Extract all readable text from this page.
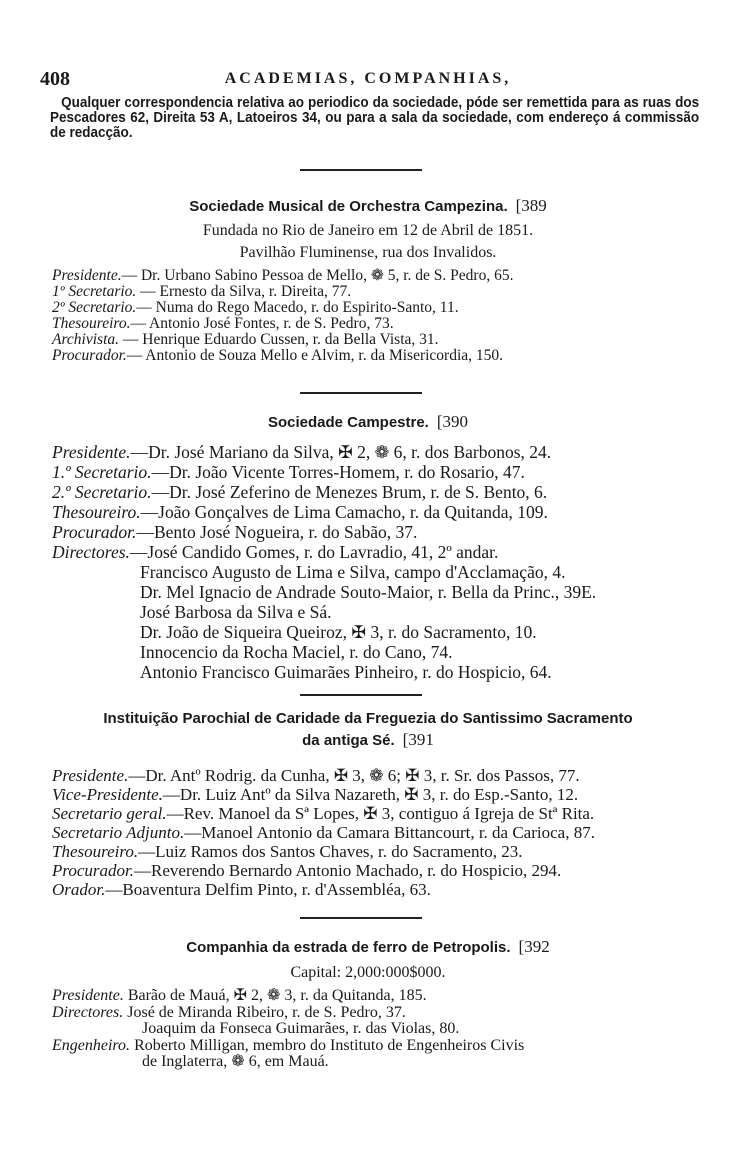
408	ACADEMIAS, COMPANHIAS,
Qualquer correspondencia relativa ao periodico da sociedade, póde ser remettida para as ruas dos Pescadores 62, Direita 53 A, Latoeiros 34, ou para a sala da sociedade, com endereço á commissão de redacção.
Sociedade Musical de Orchestra Campezina. [389
Fundada no Rio de Janeiro em 12 de Abril de 1851.
Pavilhão Fluminense, rua dos Invalidos.
Presidente.— Dr. Urbano Sabino Pessoa de Mello, ❁ 5, r. de S. Pedro, 65.
1º Secretario. — Ernesto da Silva, r. Direita, 77.
2º Secretario.— Numa do Rego Macedo, r. do Espirito-Santo, 11.
Thesoureiro.— Antonio José Fontes, r. de S. Pedro, 73.
Archivista. — Henrique Eduardo Cussen, r. da Bella Vista, 31.
Procurador.— Antonio de Souza Mello e Alvim, r. da Misericordia, 150.
Sociedade Campestre. [390
Presidente.—Dr. José Mariano da Silva, ✠ 2, ❁ 6, r. dos Barbonos, 24.
1.º Secretario.—Dr. João Vicente Torres-Homem, r. do Rosario, 47.
2.º Secretario.—Dr. José Zeferino de Menezes Brum, r. de S. Bento, 6.
Thesoureiro.—João Gonçalves de Lima Camacho, r. da Quitanda, 109.
Procurador.—Bento José Nogueira, r. do Sabão, 37.
Directores.—José Candido Gomes, r. do Lavradio, 41, 2º andar.
Francisco Augusto de Lima e Silva, campo d'Acclamação, 4.
Dr. Mel Ignacio de Andrade Souto-Maior, r. Bella da Princ., 39E.
José Barbosa da Silva e Sá.
Dr. João de Siqueira Queiroz, ✠ 3, r. do Sacramento, 10.
Innocencio da Rocha Maciel, r. do Cano, 74.
Antonio Francisco Guimarães Pinheiro, r. do Hospicio, 64.
Instituição Parochial de Caridade da Freguezia do Santissimo Sacramento
da antiga Sé. [391
Presidente.—Dr. Antº Rodrig. da Cunha, ✠ 3, ❁ 6; ✠ 3, r. Sr. dos Passos, 77.
Vice-Presidente.—Dr. Luiz Antº da Silva Nazareth, ✠ 3, r. do Esp.-Santo, 12.
Secretario geral.—Rev. Manoel da Sª Lopes, ✠ 3, contiguo á Igreja de Stª Rita.
Secretario Adjunto.—Manoel Antonio da Camara Bittancourt, r. da Carioca, 87.
Thesoureiro.—Luiz Ramos dos Santos Chaves, r. do Sacramento, 23.
Procurador.—Reverendo Bernardo Antonio Machado, r. do Hospicio, 294.
Orador.—Boaventura Delfim Pinto, r. d'Assembléa, 63.
Companhia da estrada de ferro de Petropolis. [392
Capital: 2,000:000$000.
Presidente. Barão de Mauá, ✠ 2, ❁ 3, r. da Quitanda, 185.
Directores. José de Miranda Ribeiro, r. de S. Pedro, 37.
Joaquim da Fonseca Guimarães, r. das Violas, 80.
Engenheiro. Roberto Milligan, membro do Instituto de Engenheiros Civis
de Inglaterra, ❁ 6, em Mauá.
